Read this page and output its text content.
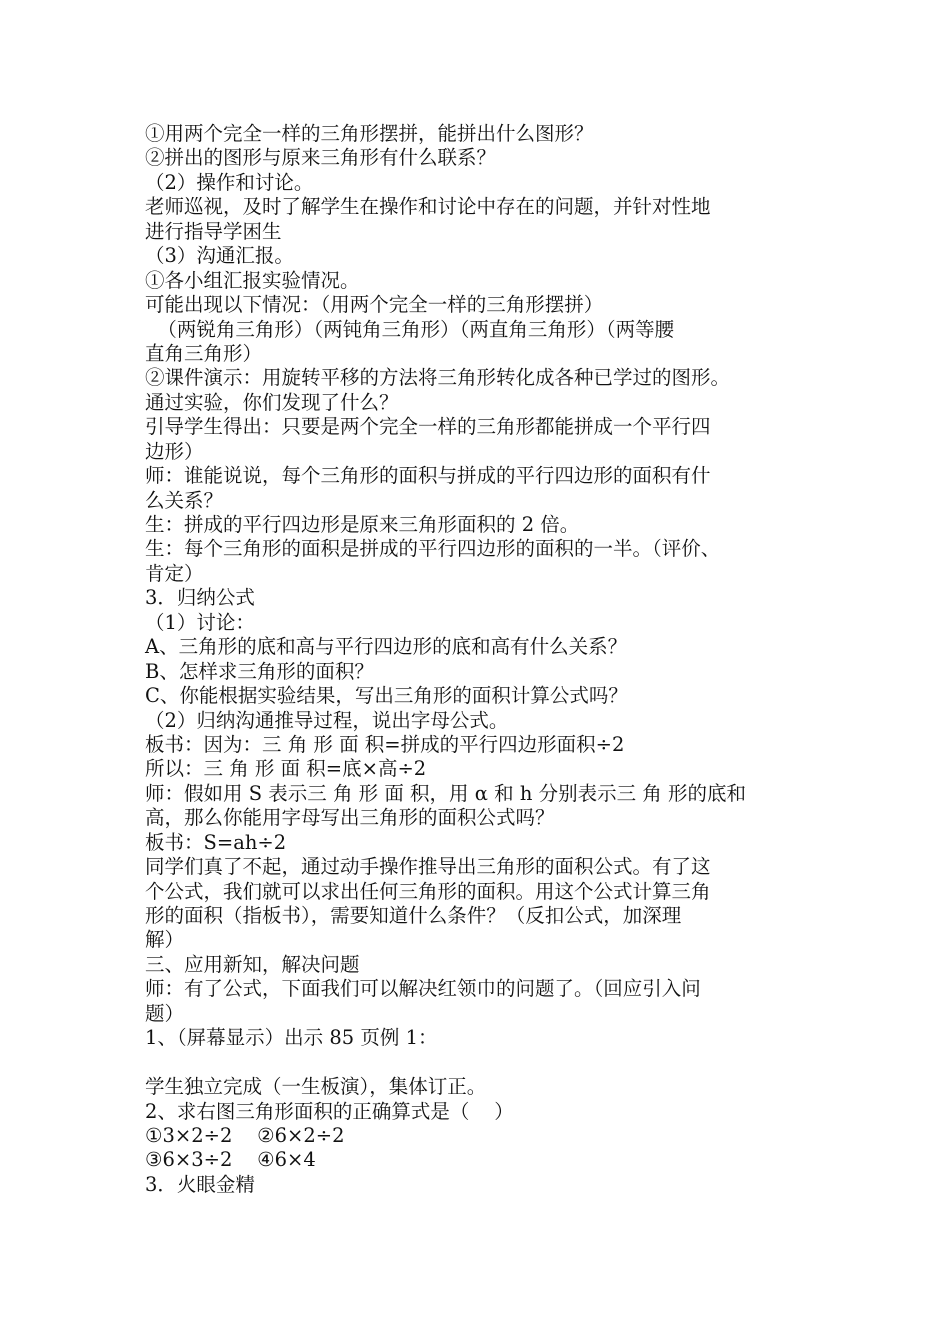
①用两个完全一样的三角形摆拼，能拼出什么图形？
②拼出的图形与原来三角形有什么联系？
（2）操作和讨论。
老师巡视，及时了解学生在操作和讨论中存在的问题，并针对性地
进行指导学困生
（3）沟通汇报。
①各小组汇报实验情况。
可能出现以下情况：（用两个完全一样的三角形摆拼）
（两锐角三角形）（两钝角三角形）（两直角三角形）（两等腰
直角三角形）
②课件演示：用旋转平移的方法将三角形转化成各种已学过的图形。
通过实验，你们发现了什么？
引导学生得出：只要是两个完全一样的三角形都能拼成一个平行四
边形）
师：谁能说说，每个三角形的面积与拼成的平行四边形的面积有什
么关系？
生：拼成的平行四边形是原来三角形面积的 2 倍。
生：每个三角形的面积是拼成的平行四边形的面积的一半。（评价、
肯定）
3．归纳公式
（1）讨论：
A、三角形的底和高与平行四边形的底和高有什么关系？
B、怎样求三角形的面积？
C、你能根据实验结果，写出三角形的面积计算公式吗？
（2）归纳沟通推导过程，说出字母公式。
板书：因为：三 角 形 面 积=拼成的平行四边形面积÷2
所以：三 角 形 面 积=底×高÷2
师：假如用 S 表示三 角 形 面 积，用 α 和 h 分别表示三 角 形的底和
高，那么你能用字母写出三角形的面积公式吗？
板书：S=ah÷2
同学们真了不起，通过动手操作推导出三角形的面积公式。有了这
个公式，我们就可以求出任何三角形的面积。用这个公式计算三角
形的面积（指板书），需要知道什么条件？（反扣公式，加深理
解）
三、应用新知，解决问题
师：有了公式，下面我们可以解决红领巾的问题了。（回应引入问
题）
1、（屏幕显示）出示 85 页例 1：
学生独立完成（一生板演），集体订正。
2、求右图三角形面积的正确算式是（    ）
①3×2÷2    ②6×2÷2
③6×3÷2    ④6×4
3．火眼金精
